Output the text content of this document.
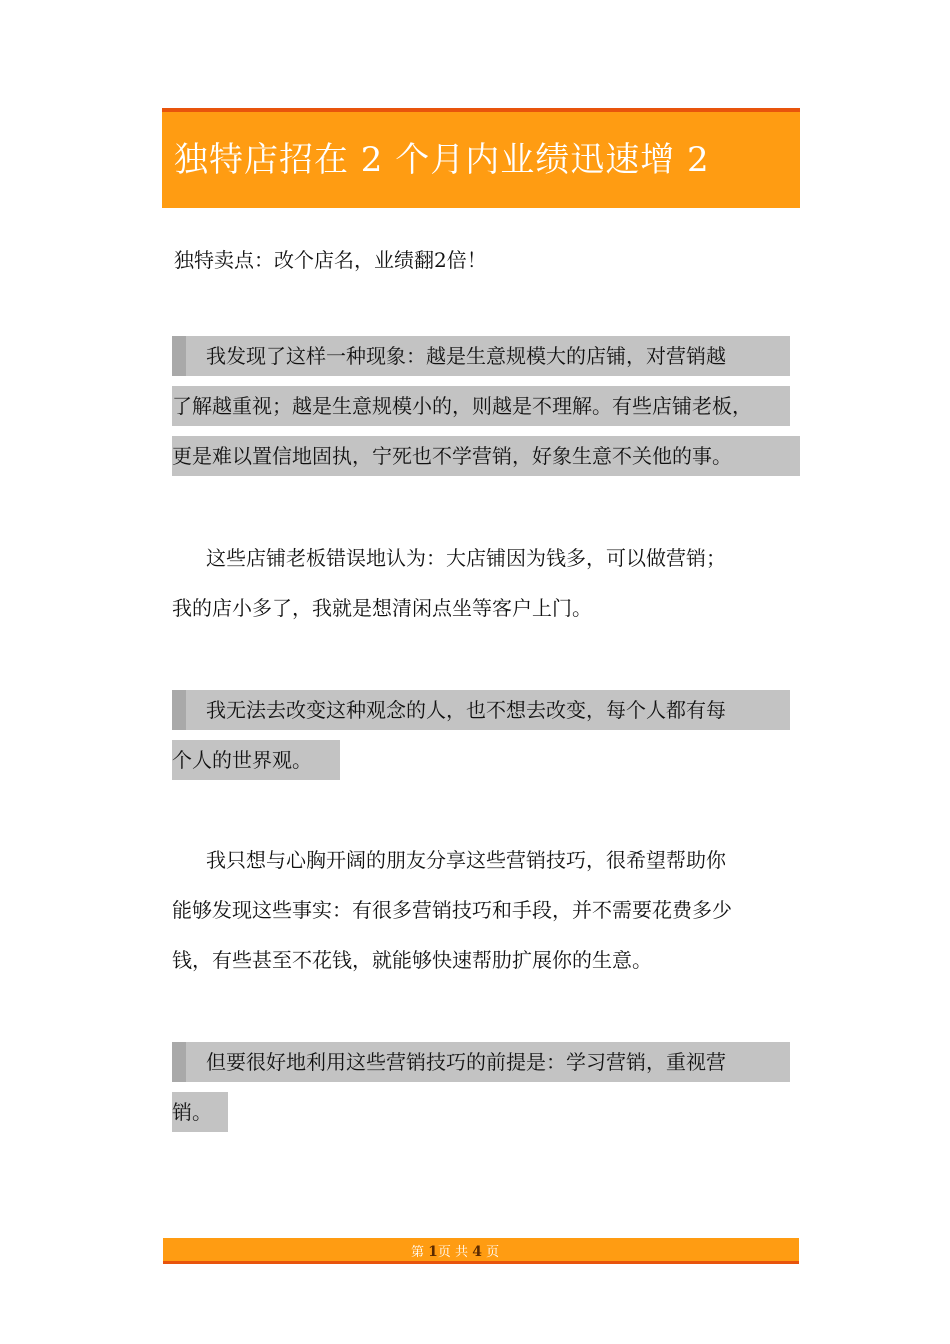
独特店招在 2 个月内业绩迅速增 2
独特卖点：改个店名，业绩翻2倍！
我发现了这样一种现象：越是生意规模大的店铺，对营销越
了解越重视；越是生意规模小的，则越是不理解。有些店铺老板，
更是难以置信地固执，宁死也不学营销，好象生意不关他的事。
这些店铺老板错误地认为：大店铺因为钱多，可以做营销；
我的店小多了，我就是想清闲点坐等客户上门。
我无法去改变这种观念的人，也不想去改变，每个人都有每
个人的世界观。
我只想与心胸开阔的朋友分享这些营销技巧，很希望帮助你
能够发现这些事实：有很多营销技巧和手段，并不需要花费多少
钱，有些甚至不花钱，就能够快速帮肋扩展你的生意。
但要很好地利用这些营销技巧的前提是：学习营销，重视营
销。
第 1页 共 4 页
